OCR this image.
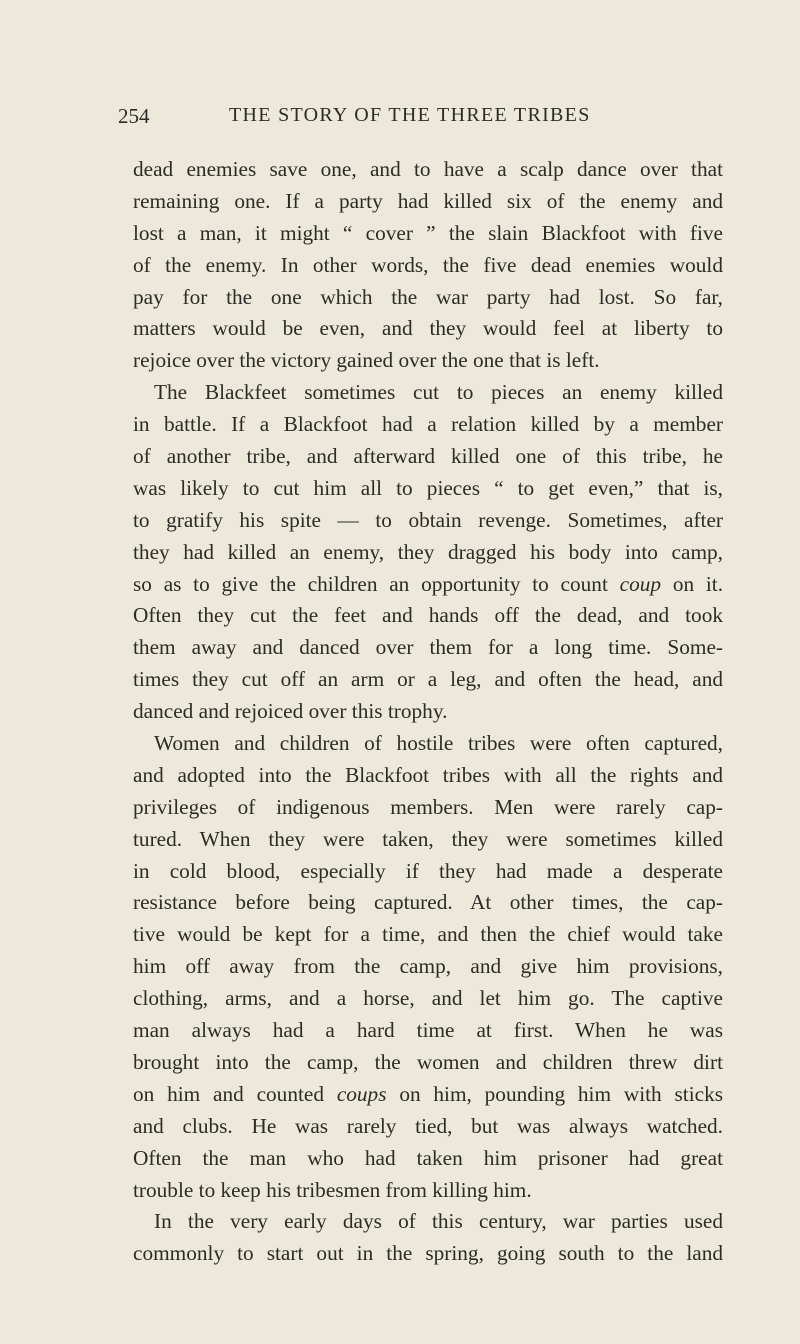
254	THE STORY OF THE THREE TRIBES
dead enemies save one, and to have a scalp dance over that
remaining one. If a party had killed six of the enemy and
lost a man, it might “ cover ” the slain Blackfoot with five
of the enemy. In other words, the five dead enemies would
pay for the one which the war party had lost. So far,
matters would be even, and they would feel at liberty to
rejoice over the victory gained over the one that is left.
The Blackfeet sometimes cut to pieces an enemy killed
in battle. If a Blackfoot had a relation killed by a member
of another tribe, and afterward killed one of this tribe, he
was likely to cut him all to pieces “ to get even,” that is,
to gratify his spite — to obtain revenge. Sometimes, after
they had killed an enemy, they dragged his body into camp,
so as to give the children an opportunity to count coup on it.
Often they cut the feet and hands off the dead, and took
them away and danced over them for a long time. Some-
times they cut off an arm or a leg, and often the head, and
danced and rejoiced over this trophy.
Women and children of hostile tribes were often captured,
and adopted into the Blackfoot tribes with all the rights and
privileges of indigenous members. Men were rarely cap-
tured. When they were taken, they were sometimes killed
in cold blood, especially if they had made a desperate
resistance before being captured. At other times, the cap-
tive would be kept for a time, and then the chief would take
him off away from the camp, and give him provisions,
clothing, arms, and a horse, and let him go. The captive
man always had a hard time at first. When he was
brought into the camp, the women and children threw dirt
on him and counted coups on him, pounding him with sticks
and clubs. He was rarely tied, but was always watched.
Often the man who had taken him prisoner had great
trouble to keep his tribesmen from killing him.
In the very early days of this century, war parties used
commonly to start out in the spring, going south to the land
